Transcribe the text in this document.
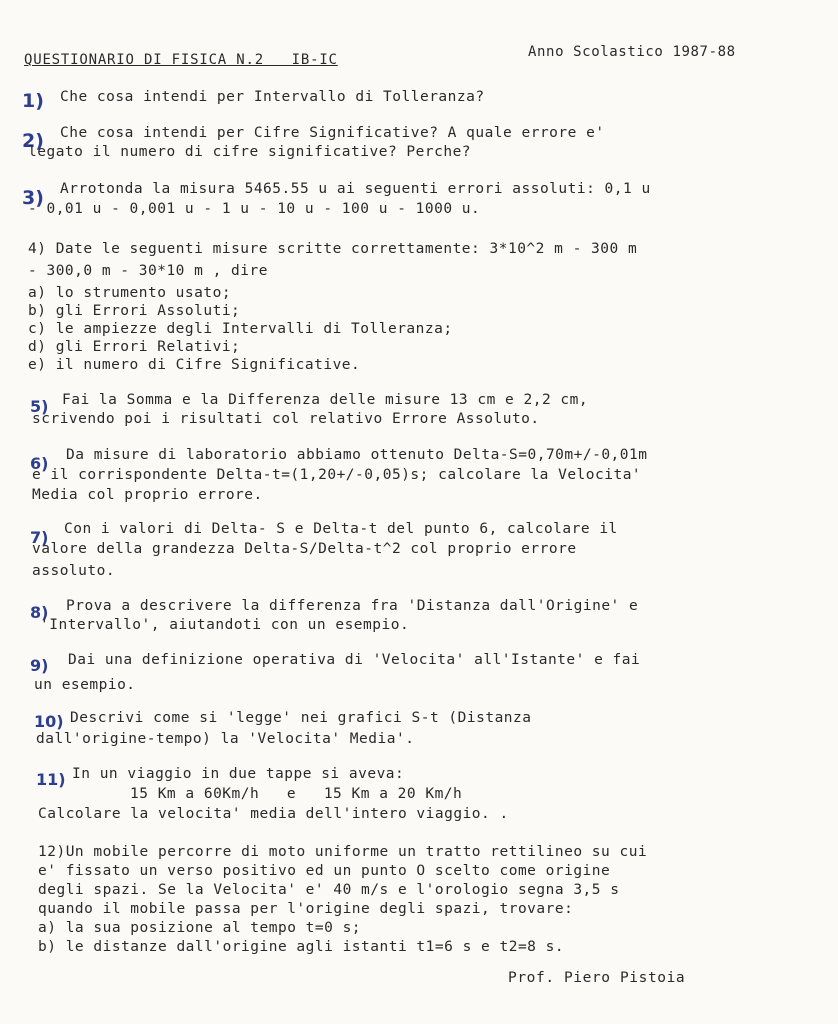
QUESTIONARIO DI FISICA N.2   IB-IC	Anno Scolastico 1987-88
1) Che cosa intendi per Intervallo di Tolleranza?
2) Che cosa intendi per Cifre Significative? A quale errore e'
legato il numero di cifre significative? Perche?
3) Arrotonda la misura 5465.55 u ai seguenti errori assoluti: 0,1 u
- 0,01 u - 0,001 u - 1 u - 10 u - 100 u - 1000 u.
4) Date le seguenti misure scritte correttamente: 3*10^2 m - 300 m
- 300,0 m - 30*10 m , dire
a) lo strumento usato;
b) gli Errori Assoluti;
c) le ampiezze degli Intervalli di Tolleranza;
d) gli Errori Relativi;
e) il numero di Cifre Significative.
5) Fai la Somma e la Differenza delle misure 13 cm e 2,2 cm,
scrivendo poi i risultati col relativo Errore Assoluto.
6) Da misure di laboratorio abbiamo ottenuto Delta-S=0,70m+/-0,01m
e il corrispondente Delta-t=(1,20+/-0,05)s; calcolare la Velocita'
Media col proprio errore.
7) Con i valori di Delta- S e Delta-t del punto 6, calcolare il
valore della grandezza Delta-S/Delta-t^2 col proprio errore
assoluto.
8) Prova a descrivere la differenza fra 'Distanza dall'Origine' e
'Intervallo', aiutandoti con un esempio.
9) Dai una definizione operativa di 'Velocita' all'Istante' e fai
un esempio.
10) Descrivi come si 'legge' nei grafici S-t (Distanza
dall'origine-tempo) la 'Velocita' Media'.
11) In un viaggio in due tappe si aveva:
15 Km a 60Km/h   e   15 Km a 20 Km/h
Calcolare la velocita' media dell'intero viaggio. .
12)Un mobile percorre di moto uniforme un tratto rettilineo su cui
e' fissato un verso positivo ed un punto O scelto come origine
degli spazi. Se la Velocita' e' 40 m/s e l'orologio segna 3,5 s
quando il mobile passa per l'origine degli spazi, trovare:
a) la sua posizione al tempo t=0 s;
b) le distanze dall'origine agli istanti t1=6 s e t2=8 s.
Prof. Piero Pistoia
